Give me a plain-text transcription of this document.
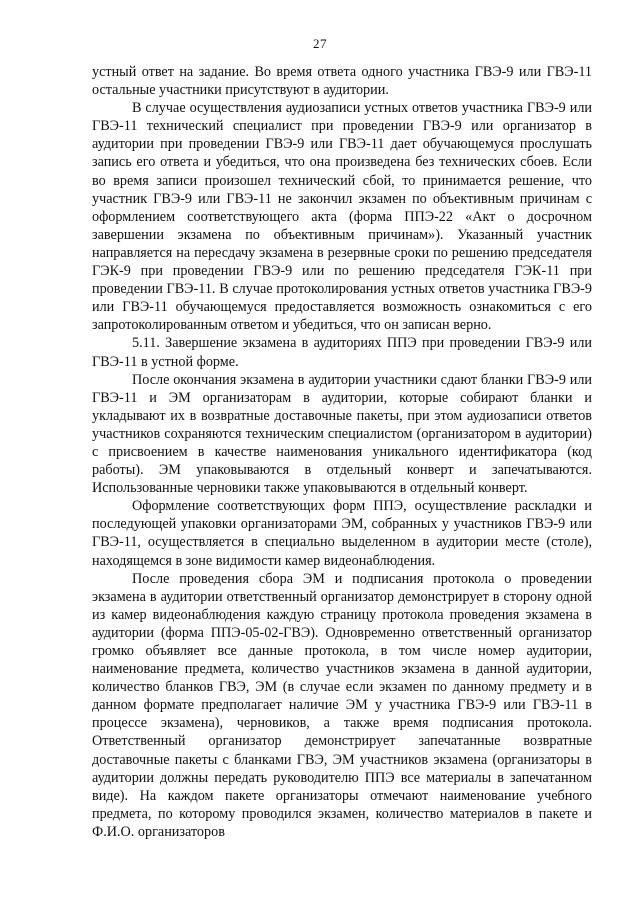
27

устный ответ на задание. Во время ответа одного участника ГВЭ-9 или ГВЭ-11 остальные участники присутствуют в аудитории.

В случае осуществления аудиозаписи устных ответов участника ГВЭ-9 или ГВЭ-11 технический специалист при проведении ГВЭ-9 или организатор в аудитории при проведении ГВЭ-9 или ГВЭ-11 дает обучающемуся прослушать запись его ответа и убедиться, что она произведена без технических сбоев. Если во время записи произошел технический сбой, то принимается решение, что участник ГВЭ-9 или ГВЭ-11 не закончил экзамен по объективным причинам с оформлением соответствующего акта (форма ППЭ-22 «Акт о досрочном завершении экзамена по объективным причинам»). Указанный участник направляется на пересдачу экзамена в резервные сроки по решению председателя ГЭК-9 при проведении ГВЭ-9 или по решению председателя ГЭК-11 при проведении ГВЭ-11. В случае протоколирования устных ответов участника ГВЭ-9 или ГВЭ-11 обучающемуся предоставляется возможность ознакомиться с его запротоколированным ответом и убедиться, что он записан верно.

5.11. Завершение экзамена в аудиториях ППЭ при проведении ГВЭ-9 или ГВЭ-11 в устной форме.

После окончания экзамена в аудитории участники сдают бланки ГВЭ-9 или ГВЭ-11 и ЭМ организаторам в аудитории, которые собирают бланки и укладывают их в возвратные доставочные пакеты, при этом аудиозаписи ответов участников сохраняются техническим специалистом (организатором в аудитории) с присвоением в качестве наименования уникального идентификатора (код работы). ЭМ упаковываются в отдельный конверт и запечатываются. Использованные черновики также упаковываются в отдельный конверт.

Оформление соответствующих форм ППЭ, осуществление раскладки и последующей упаковки организаторами ЭМ, собранных у участников ГВЭ-9 или ГВЭ-11, осуществляется в специально выделенном в аудитории месте (столе), находящемся в зоне видимости камер видеонаблюдения.

После проведения сбора ЭМ и подписания протокола о проведении экзамена в аудитории ответственный организатор демонстрирует в сторону одной из камер видеонаблюдения каждую страницу протокола проведения экзамена в аудитории (форма ППЭ-05-02-ГВЭ). Одновременно ответственный организатор громко объявляет все данные протокола, в том числе номер аудитории, наименование предмета, количество участников экзамена в данной аудитории, количество бланков ГВЭ, ЭМ (в случае если экзамен по данному предмету и в данном формате предполагает наличие ЭМ у участника ГВЭ-9 или ГВЭ-11 в процессе экзамена), черновиков, а также время подписания протокола. Ответственный организатор демонстрирует запечатанные возвратные доставочные пакеты с бланками ГВЭ, ЭМ участников экзамена (организаторы в аудитории должны передать руководителю ППЭ все материалы в запечатанном виде). На каждом пакете организаторы отмечают наименование учебного предмета, по которому проводился экзамен, количество материалов в пакете и Ф.И.О. организаторов
